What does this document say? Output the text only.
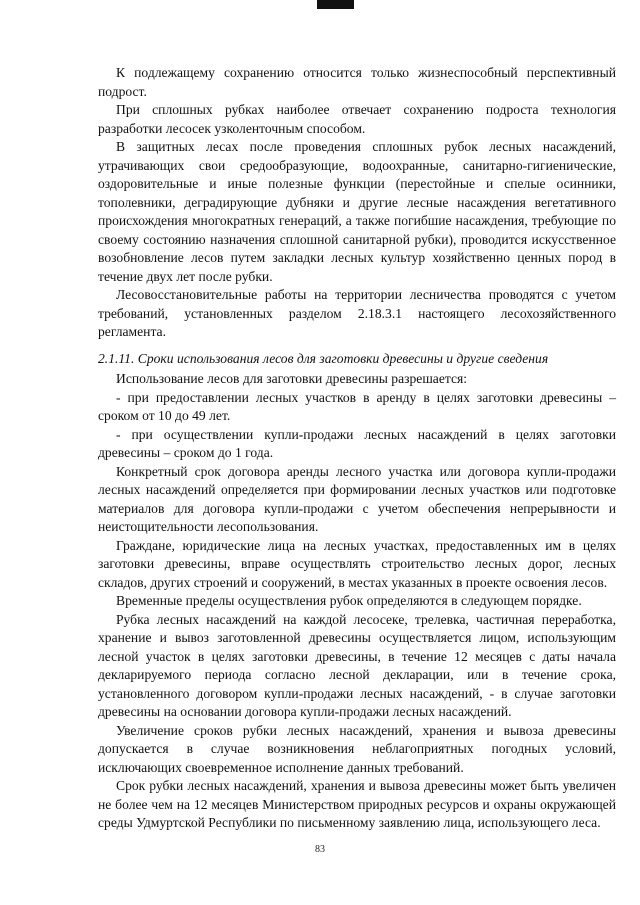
К подлежащему сохранению относится только жизнеспособный перспективный подрост.

При сплошных рубках наиболее отвечает сохранению подроста технология разработки лесосек узколенточным способом.

В защитных лесах после проведения сплошных рубок лесных насаждений, утрачивающих свои средообразующие, водоохранные, санитарно-гигиенические, оздоровительные и иные полезные функции (перестойные и спелые осинники, тополевники, деградирующие дубняки и другие лесные насаждения вегетативного происхождения многократных генераций, а также погибшие насаждения, требующие по своему состоянию назначения сплошной санитарной рубки), проводится искусственное возобновление лесов путем закладки лесных культур хозяйственно ценных пород в течение двух лет после рубки.

Лесовосстановительные работы на территории лесничества проводятся с учетом требований, установленных разделом 2.18.3.1 настоящего лесохозяйственного регламента.

2.1.11. Сроки использования лесов для заготовки древесины и другие сведения

Использование лесов для заготовки древесины разрешается:

- при предоставлении лесных участков в аренду в целях заготовки древесины – сроком от 10 до 49 лет.

- при осуществлении купли-продажи лесных насаждений в целях заготовки древесины – сроком до 1 года.

Конкретный срок договора аренды лесного участка или договора купли-продажи лесных насаждений определяется при формировании лесных участков или подготовке материалов для договора купли-продажи с учетом обеспечения непрерывности и неистощительности лесопользования.

Граждане, юридические лица на лесных участках, предоставленных им в целях заготовки древесины, вправе осуществлять строительство лесных дорог, лесных складов, других строений и сооружений, в местах указанных в проекте освоения лесов.

Временные пределы осуществления рубок определяются в следующем порядке.

Рубка лесных насаждений на каждой лесосеке, трелевка, частичная переработка, хранение и вывоз заготовленной древесины осуществляется лицом, использующим лесной участок в целях заготовки древесины, в течение 12 месяцев с даты начала декларируемого периода согласно лесной декларации, или в течение срока, установленного договором купли-продажи лесных насаждений, - в случае заготовки древесины на основании договора купли-продажи лесных насаждений.

Увеличение сроков рубки лесных насаждений, хранения и вывоза древесины допускается в случае возникновения неблагоприятных погодных условий, исключающих своевременное исполнение данных требований.

Срок рубки лесных насаждений, хранения и вывоза древесины может быть увеличен не более чем на 12 месяцев Министерством природных ресурсов и охраны окружающей среды Удмуртской Республики по письменному заявлению лица, использующего леса.

83
